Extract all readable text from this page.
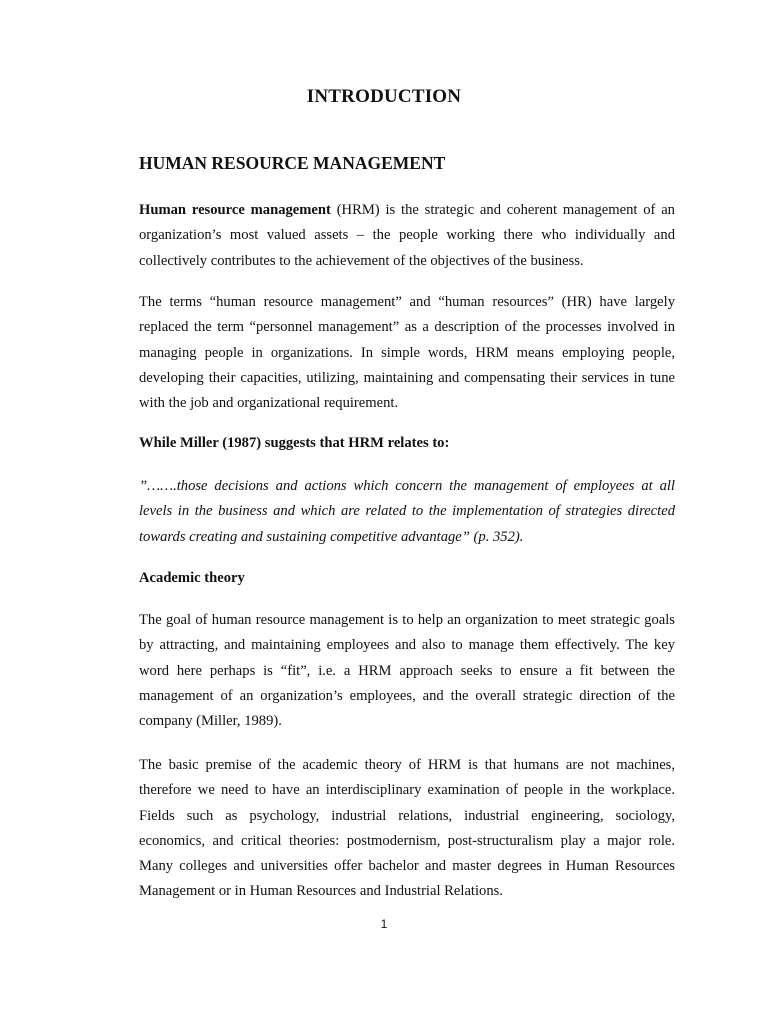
INTRODUCTION
HUMAN RESOURCE MANAGEMENT

Human resource management (HRM) is the strategic and coherent management of an organization’s most valued assets – the people working there who individually and collectively contributes to the achievement of the objectives of the business.

The terms “human resource management” and “human resources” (HR) have largely replaced the term “personnel management” as a description of the processes involved in managing people in organizations. In simple words, HRM means employing people, developing their capacities, utilizing, maintaining and compensating their services in tune with the job and organizational requirement.

While Miller (1987) suggests that HRM relates to:

”…….those decisions and actions which concern the management of employees at all levels in the business and which are related to the implementation of strategies directed towards creating and sustaining competitive advantage” (p. 352).

Academic theory

The goal of human resource management is to help an organization to meet strategic goals by attracting, and maintaining employees and also to manage them effectively. The key word here perhaps is “fit”, i.e. a HRM approach seeks to ensure a fit between the management of an organization’s employees, and the overall strategic direction of the company (Miller, 1989).

The basic premise of the academic theory of HRM is that humans are not machines, therefore we need to have an interdisciplinary examination of people in the workplace. Fields such as psychology, industrial relations, industrial engineering, sociology, economics, and critical theories: postmodernism, post-structuralism play a major role. Many colleges and universities offer bachelor and master degrees in Human Resources Management or in Human Resources and Industrial Relations.

1
